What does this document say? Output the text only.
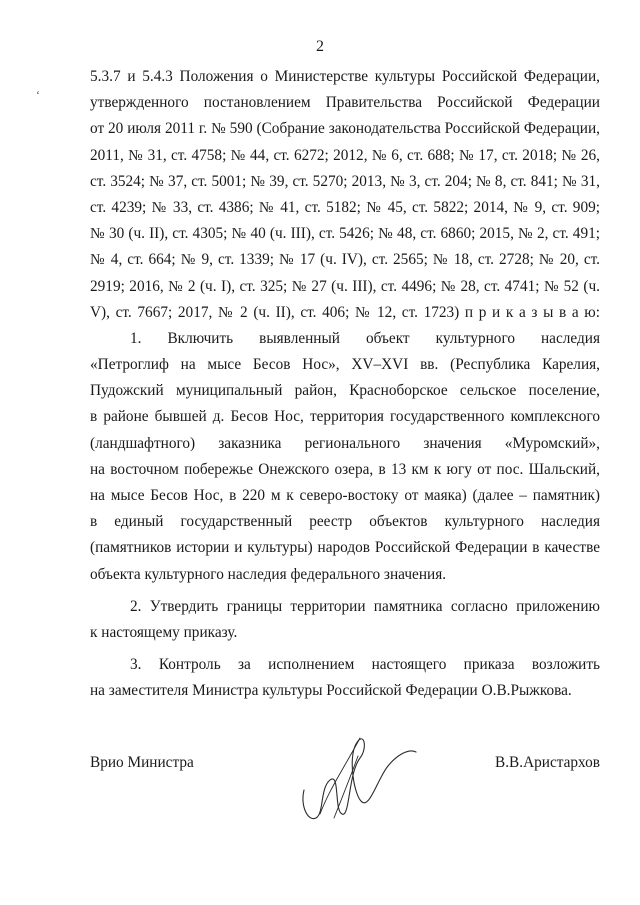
2
‘
5.3.7 и 5.4.3 Положения о Министерстве культуры Российской Федерации,
утвержденного постановлением Правительства Российской Федерации
от 20 июля 2011 г. № 590 (Собрание законодательства Российской Федерации,
2011, № 31, ст. 4758; № 44, ст. 6272; 2012, № 6, ст. 688; № 17, ст. 2018; № 26,
ст. 3524; № 37, ст. 5001; № 39, ст. 5270; 2013, № 3, ст. 204; № 8, ст. 841; № 31,
ст. 4239; № 33, ст. 4386; № 41, ст. 5182; № 45, ст. 5822; 2014, № 9, ст. 909;
№ 30 (ч. II), ст. 4305; № 40 (ч. III), ст. 5426; № 48, ст. 6860; 2015, № 2, ст. 491;
№ 4, ст. 664; № 9, ст. 1339; № 17 (ч. IV), ст. 2565; № 18, ст. 2728; № 20, ст.
2919; 2016, № 2 (ч. I), ст. 325; № 27 (ч. III), ст. 4496; № 28, ст. 4741; № 52 (ч.
V), ст. 7667; 2017, № 2 (ч. II), ст. 406; № 12, ст. 1723) п р и к а з ы в а ю:
1. Включить выявленный объект культурного наследия
«Петроглиф на мысе Бесов Нос», XV–XVI вв. (Республика Карелия,
Пудожский муниципальный район, Красноборское сельское поселение,
в районе бывшей д. Бесов Нос, территория государственного комплексного
(ландшафтного) заказника регионального значения «Муромский»,
на восточном побережье Онежского озера, в 13 км к югу от пос. Шальский,
на мысе Бесов Нос, в 220 м к северо-востоку от маяка) (далее – памятник)
в единый государственный реестр объектов культурного наследия
(памятников истории и культуры) народов Российской Федерации в качестве
объекта культурного наследия федерального значения.
2. Утвердить границы территории памятника согласно приложению
к настоящему приказу.
3. Контроль за исполнением настоящего приказа возложить
на заместителя Министра культуры Российской Федерации О.В.Рыжкова.
Врио Министра	В.В.Аристархов
